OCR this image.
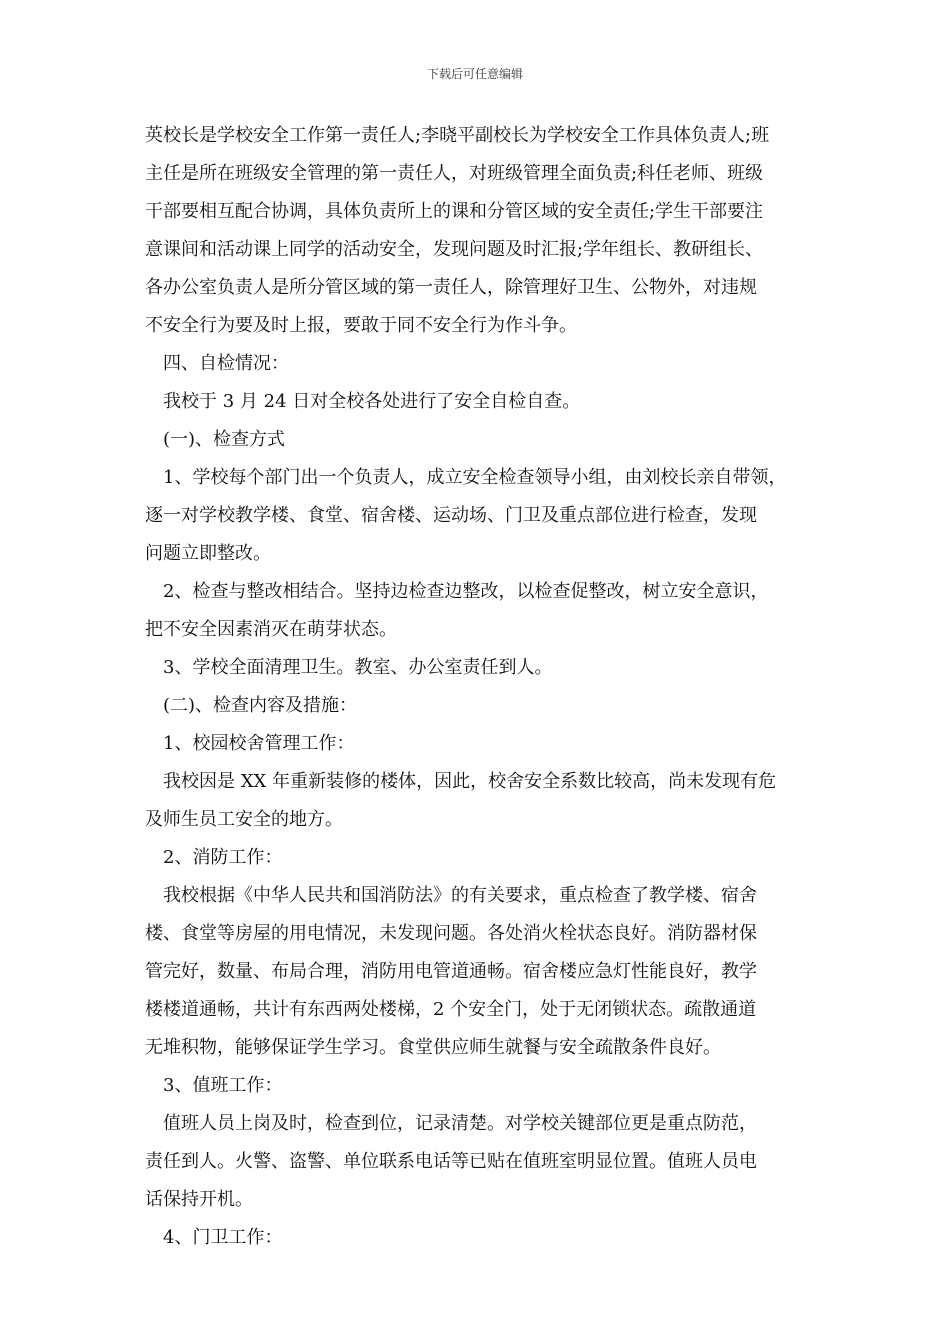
下载后可任意编辑
英校长是学校安全工作第一责任人;李晓平副校长为学校安全工作具体负责人;班
主任是所在班级安全管理的第一责任人，对班级管理全面负责;科任老师、班级
干部要相互配合协调，具体负责所上的课和分管区域的安全责任;学生干部要注
意课间和活动课上同学的活动安全，发现问题及时汇报;学年组长、教研组长、
各办公室负责人是所分管区域的第一责任人，除管理好卫生、公物外，对违规
不安全行为要及时上报，要敢于同不安全行为作斗争。
四、自检情况：
我校于 3 月 24 日对全校各处进行了安全自检自查。
(一)、检查方式
1、学校每个部门出一个负责人，成立安全检查领导小组，由刘校长亲自带领，
逐一对学校教学楼、食堂、宿舍楼、运动场、门卫及重点部位进行检查，发现
问题立即整改。
2、检查与整改相结合。坚持边检查边整改，以检查促整改，树立安全意识，
把不安全因素消灭在萌芽状态。
3、学校全面清理卫生。教室、办公室责任到人。
(二)、检查内容及措施：
1、校园校舍管理工作：
我校因是 XX 年重新装修的楼体，因此，校舍安全系数比较高，尚未发现有危
及师生员工安全的地方。
2、消防工作：
我校根据《中华人民共和国消防法》的有关要求，重点检查了教学楼、宿舍
楼、食堂等房屋的用电情况，未发现问题。各处消火栓状态良好。消防器材保
管完好，数量、布局合理，消防用电管道通畅。宿舍楼应急灯性能良好，教学
楼楼道通畅，共计有东西两处楼梯，2 个安全门，处于无闭锁状态。疏散通道
无堆积物，能够保证学生学习。食堂供应师生就餐与安全疏散条件良好。
3、值班工作：
值班人员上岗及时，检查到位，记录清楚。对学校关键部位更是重点防范，
责任到人。火警、盗警、单位联系电话等已贴在值班室明显位置。值班人员电
话保持开机。
4、门卫工作：
